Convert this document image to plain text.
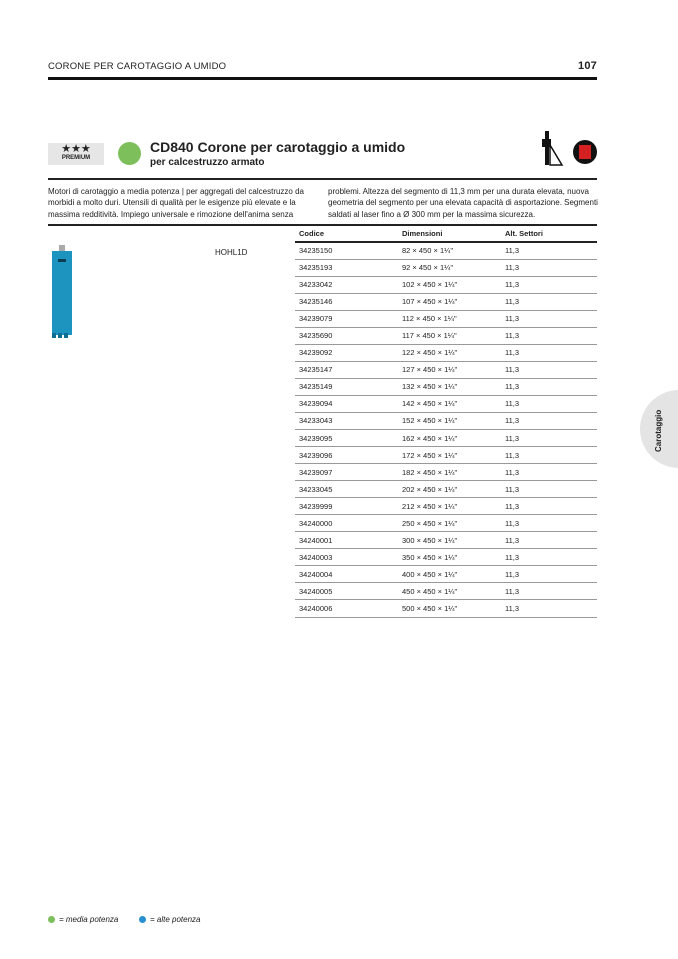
CORONE PER CAROTAGGIO A UMIDO	107
★★★
PREMIUM
CD840 Corone per carotaggio a umido
per calcestruzzo armato
Motori di carotaggio a media potenza | per aggregati del calcestruzzo da morbidi a molto duri. Utensili di qualità per le esigenze più elevate e la massima redditività. Impiego universale e rimozione dell'anima senza
problemi. Altezza del segmento di 11,3 mm per una durata elevata, nuova geometria del segmento per una elevata capacità di asportazione. Segmenti saldati al laser fino a Ø 300 mm per la massima sicurezza.
HOHL1D
Codice	Dimensioni	Alt. Settori
34235150	82 × 450 × 1¼"	11,3
34235193	92 × 450 × 1¼"	11,3
34233042	102 × 450 × 1¼"	11,3
34235146	107 × 450 × 1¼"	11,3
34239079	112 × 450 × 1¼"	11,3
34235690	117 × 450 × 1¼"	11,3
34239092	122 × 450 × 1¼"	11,3
34235147	127 × 450 × 1¼"	11,3
34235149	132 × 450 × 1¼"	11,3
34239094	142 × 450 × 1¼"	11,3
34233043	152 × 450 × 1¼"	11,3
34239095	162 × 450 × 1¼"	11,3
34239096	172 × 450 × 1¼"	11,3
34239097	182 × 450 × 1¼"	11,3
34233045	202 × 450 × 1¼"	11,3
34239999	212 × 450 × 1¼"	11,3
34240000	250 × 450 × 1¼"	11,3
34240001	300 × 450 × 1¼"	11,3
34240003	350 × 450 × 1¼"	11,3
34240004	400 × 450 × 1¼"	11,3
34240005	450 × 450 × 1¼"	11,3
34240006	500 × 450 × 1¼"	11,3
Carotaggio
= media potenza	= alte potenza
